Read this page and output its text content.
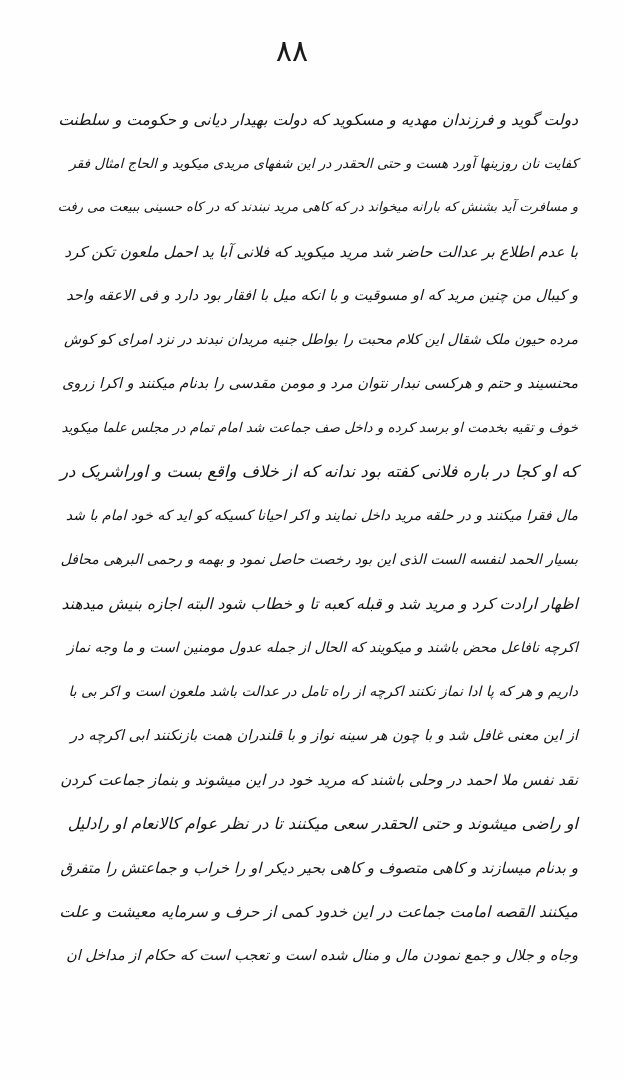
۸۸
دولت گوید و فرزندان مهدیه و مسکوید که دولت بهیدار دیانی و حکومت و سلطنت
کفایت نان روزینها آورد هست و حتی الحقدر در این شفهای مریدی میکوید و الحاج امثال فقر
و مسافرت آید بشنش که بارانه میخواند در که کاهی مرید نبندند که در کاه حسینی ببیعت می رفت
با عدم اطلاع بر عدالت حاضر شد مرید میکوید که فلانی آبا ید احمل ملعون تکن کرد
و کیبال من چنین مرید که او مسوقیت و با انکه میل با افقار بود دارد و فی الاعقه واحد
مرده حیون ملک شقال این کلام محبت را بواطل جنیه مریدان نبدند در نزد امرای کو کوش
محنسیند و حتم و هرکسی نبدار نتوان مرد و مومن مقدسی را بدنام میکنند و اکرا زروی
خوف و تقیه بخدمت او برسد کرده و داخل صف جماعت شد امام تمام در مجلس علما میکوید
که او کجا در باره فلانی کفته بود ندانه که از خلاف واقع بست و اوراشریک در
مال فقرا میکنند و در حلقه مرید داخل نمایند و اکر احیانا کسیکه کو اید که خود امام با شد
بسیار الحمد لنفسه الست الذی این بود رخصت حاصل نمود و بهمه و رحمی البرهی محافل
اظهار ارادت کرد و مرید شد و قبله کعبه تا و خطاب شود البته اجازه بنیش میدهند
اکرچه نافاعل محض باشند و میکویند که الحال از جمله عدول مومنین است و ما وجه نماز
داریم و هر که پا ادا نماز نکنند اکرچه از راه تامل در عدالت باشد ملعون است و اکر بی با
از این معنی غافل شد و با چون هر سینه نواز و با قلندران همت بازنکنند ابی اکرچه در
نقد نفس ملا احمد در وحلی باشند که مرید خود در این میشوند و بنماز جماعت کردن
او راضی میشوند و حتی الحقدر سعی میکنند تا در نظر عوام کالانعام او رادلیل
و بدنام میسازند و کاهی متصوف و کاهی بحیر دیکر او را خراب و جماعتش را متفرق
میکنند القصه امامت جماعت در این خدود کمی از حرف و سرمایه معیشت و علت
وجاه و جلال و جمع نمودن مال و منال شده است و تعجب است که حکام از مداخل ان
